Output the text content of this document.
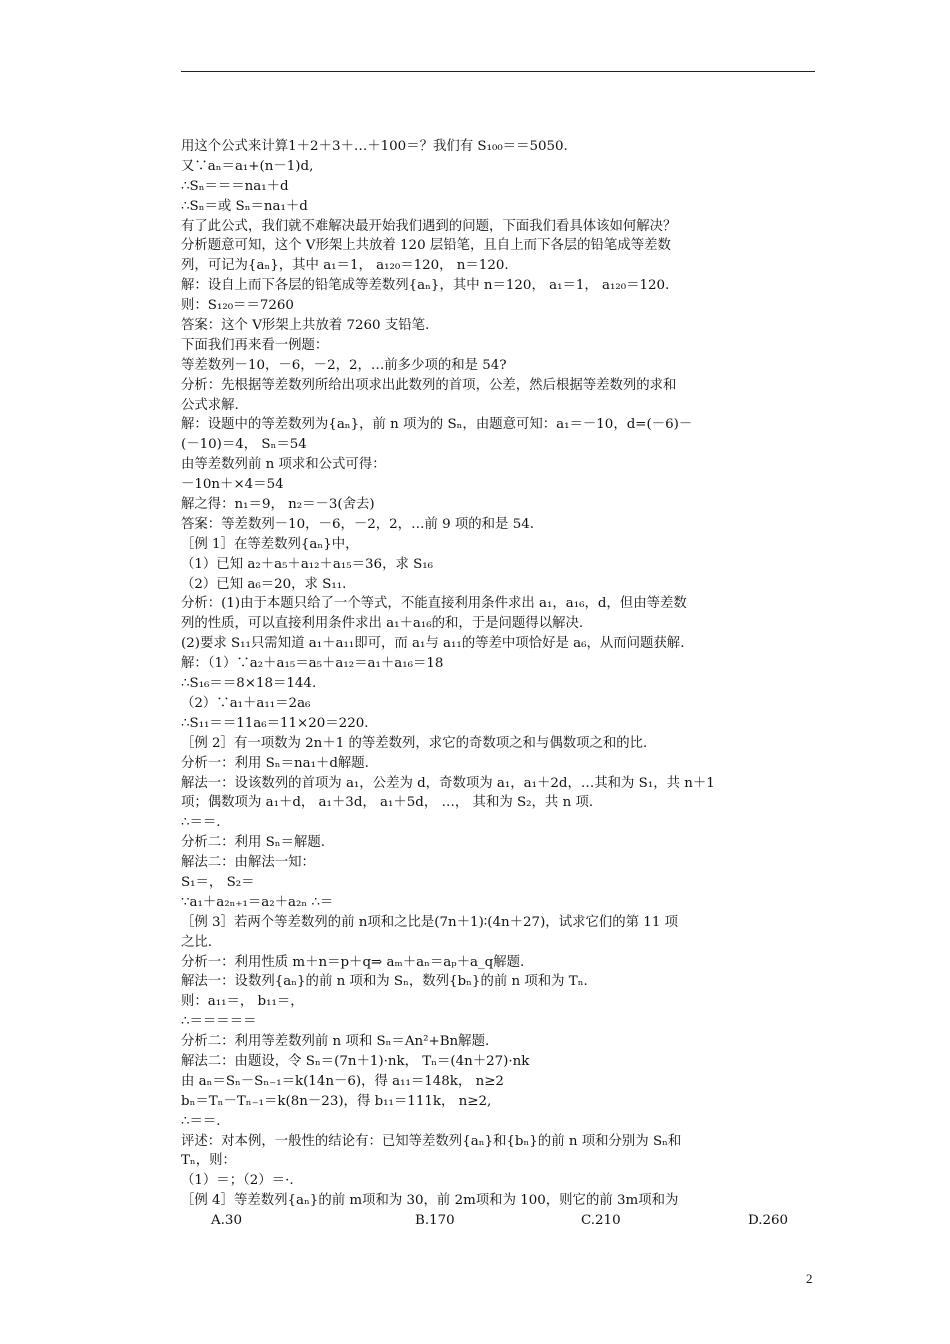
用这个公式来计算1＋2＋3＋…＋100＝？我们有 S₁₀₀＝＝5050.
又∵aₙ＝a₁+(n－1)d,
∴Sₙ＝＝＝na₁＋d
∴Sₙ＝或 Sₙ＝na₁＋d
有了此公式，我们就不难解决最开始我们遇到的问题，下面我们看具体该如何解决？
分析题意可知，这个 V形架上共放着 120 层铅笔，且自上而下各层的铅笔成等差数
列，可记为{aₙ}，其中 a₁＝1， a₁₂₀＝120， n＝120.
解：设自上而下各层的铅笔成等差数列{aₙ}，其中 n＝120， a₁＝1， a₁₂₀＝120.
则：S₁₂₀＝＝7260
答案：这个 V形架上共放着 7260 支铅笔.
下面我们再来看一例题：
等差数列－10，－6，－2，2，…前多少项的和是 54?
分析：先根据等差数列所给出项求出此数列的首项，公差，然后根据等差数列的求和
公式求解.
解：设题中的等差数列为{aₙ}，前 n 项为的 Sₙ，由题意可知：a₁＝－10，d=(－6)－
(－10)＝4， Sₙ＝54
由等差数列前 n 项求和公式可得：
－10n＋×4＝54
解之得：n₁＝9， n₂＝－3(舍去)
答案：等差数列－10，－6，－2，2，…前 9 项的和是 54.
［例 1］在等差数列{aₙ}中，
（1）已知 a₂＋a₅＋a₁₂＋a₁₅＝36，求 S₁₆
（2）已知 a₆＝20，求 S₁₁.
分析：(1)由于本题只给了一个等式，不能直接利用条件求出 a₁，a₁₆，d，但由等差数
列的性质，可以直接利用条件求出 a₁＋a₁₆的和，于是问题得以解决.
(2)要求 S₁₁只需知道 a₁＋a₁₁即可，而 a₁与 a₁₁的等差中项恰好是 a₆，从而问题获解.
解：（1）∵a₂＋a₁₅＝a₅＋a₁₂＝a₁＋a₁₆＝18
∴S₁₆＝＝8×18＝144.
（2）∵a₁＋a₁₁＝2a₆
∴S₁₁＝＝11a₆＝11×20＝220.
［例 2］有一项数为 2n＋1 的等差数列，求它的奇数项之和与偶数项之和的比.
分析一：利用 Sₙ＝na₁＋d解题.
解法一：设该数列的首项为 a₁，公差为 d，奇数项为 a₁，a₁＋2d，…其和为 S₁，共 n＋1
项；偶数项为 a₁＋d， a₁＋3d， a₁＋5d， …， 其和为 S₂，共 n 项.
∴＝＝.
分析二：利用 Sₙ＝解题.
解法二：由解法一知：
S₁＝， S₂＝
∵a₁＋a₂ₙ₊₁＝a₂＋a₂ₙ ∴＝
［例 3］若两个等差数列的前 n项和之比是(7n＋1)∶(4n＋27)，试求它们的第 11 项
之比.
分析一：利用性质 m＋n＝p＋q⇒ aₘ＋aₙ＝aₚ＋a_q解题.
解法一：设数列{aₙ}的前 n 项和为 Sₙ，数列{bₙ}的前 n 项和为 Tₙ.
则：a₁₁＝， b₁₁＝，
∴＝＝＝＝＝
分析二：利用等差数列前 n 项和 Sₙ＝An²+Bn解题.
解法二：由题设，令 Sₙ＝(7n＋1)·nk， Tₙ＝(4n＋27)·nk
由 aₙ＝Sₙ－Sₙ₋₁＝k(14n－6)，得 a₁₁＝148k， n≥2
bₙ＝Tₙ－Tₙ₋₁＝k(8n－23)，得 b₁₁＝111k， n≥2,
∴＝＝.
评述：对本例，一般性的结论有：已知等差数列{aₙ}和{bₙ}的前 n 项和分别为 Sₙ和
Tₙ，则：
（1）＝；（2）＝·.
［例 4］等差数列{aₙ}的前 m项和为 30，前 2m项和为 100，则它的前 3m项和为
A.30	B.170	C.210	D.260
2
